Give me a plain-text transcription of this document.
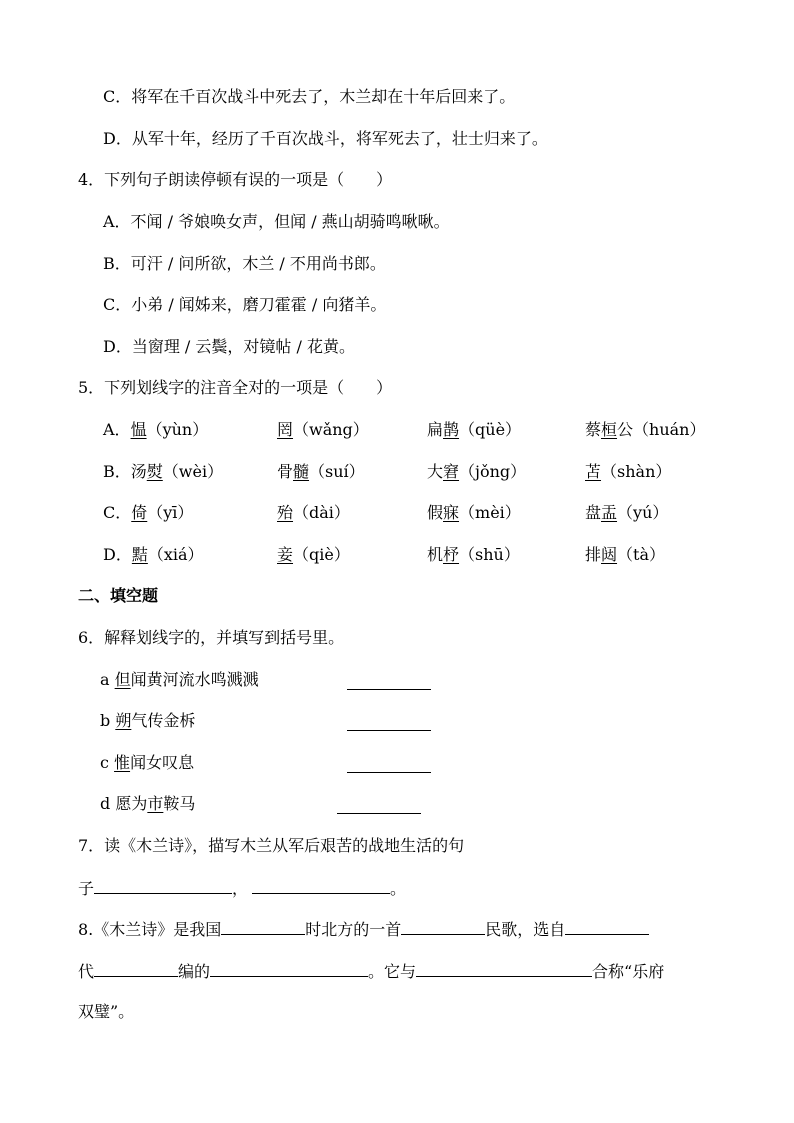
C．将军在千百次战斗中死去了，木兰却在十年后回来了。
D．从军十年，经历了千百次战斗，将军死去了，壮士归来了。
4．下列句子朗读停顿有误的一项是（　　）
A．不闻 / 爷娘唤女声，但闻 / 燕山胡骑鸣啾啾。
B．可汗 / 问所欲，木兰 / 不用尚书郎。
C．小弟 / 闻姊来，磨刀霍霍 / 向猪羊。
D．当窗理 / 云鬓，对镜帖 / 花黄。
5．下列划线字的注音全对的一项是（　　）
A．愠（yùn）	罔（wǎng）	扁鹊（qüè）	蔡桓公（huán）
B．汤熨（wèi）	骨髓（suí）	大窘（jǒng）	苫（shàn）
C．倚（yī）	殆（dài）	假寐（mèi）	盘盂（yú）
D．黠（xiá）	妾（qiè）	机杼（shū）	排闼（tà）
二、填空题
6．解释划线字的，并填写到括号里。
a 但闻黄河流水鸣溅溅
b 朔气传金柝
c 惟闻女叹息
d 愿为市鞍马
7．读《木兰诗》，描写木兰从军后艰苦的战地生活的句
子	，	。
8.《木兰诗》是我国	时北方的一首	民歌，选自
代	编的	。它与	合称“乐府
双璧”。
